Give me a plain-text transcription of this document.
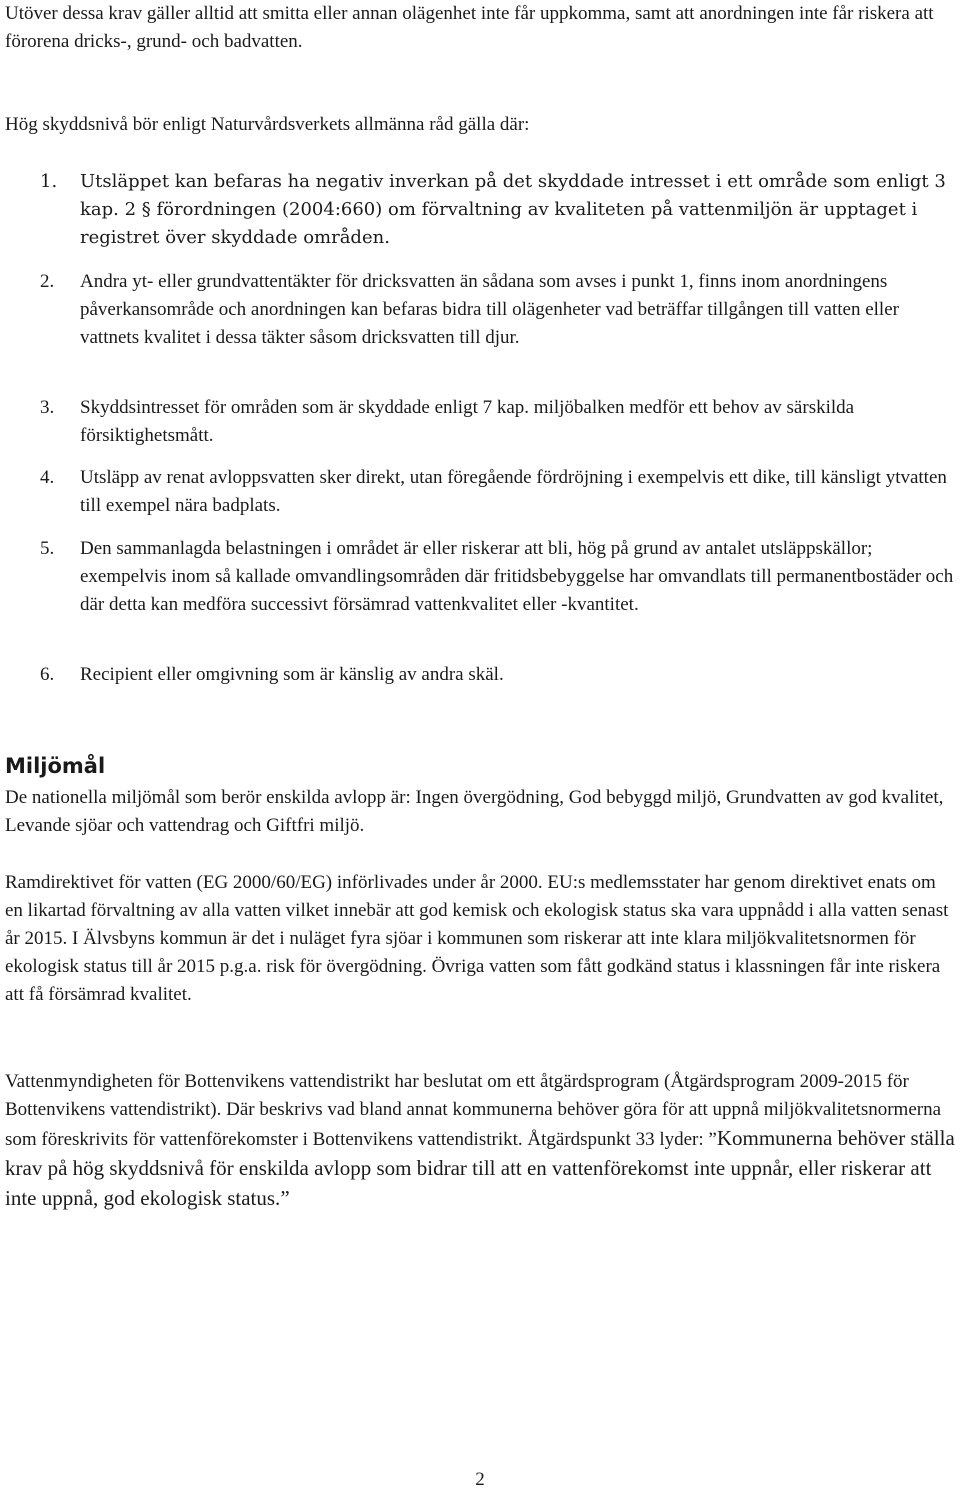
Utöver dessa krav gäller alltid att smitta eller annan olägenhet inte får uppkomma, samt att anordningen inte får riskera att förorena dricks-, grund- och badvatten.

Hög skyddsnivå bör enligt Naturvårdsverkets allmänna råd gälla där:

1. Utsläppet kan befaras ha negativ inverkan på det skyddade intresset i ett område som enligt 3 kap. 2 § förordningen (2004:660) om förvaltning av kvaliteten på vattenmiljön är upptaget i registret över skyddade områden.
2. Andra yt- eller grundvattentäkter för dricksvatten än sådana som avses i punkt 1, finns inom anordningens påverkansområde och anordningen kan befaras bidra till olägenheter vad beträffar tillgången till vatten eller vattnets kvalitet i dessa täkter såsom dricksvatten till djur.
3. Skyddsintresset för områden som är skyddade enligt 7 kap. miljöbalken medför ett behov av särskilda försiktighetsmått.
4. Utsläpp av renat avloppsvatten sker direkt, utan föregående fördröjning i exempelvis ett dike, till känsligt ytvatten till exempel nära badplats.
5. Den sammanlagda belastningen i området är eller riskerar att bli, hög på grund av antalet utsläppskällor; exempelvis inom så kallade omvandlingsområden där fritidsbebyggelse har omvandlats till permanentbostäder och där detta kan medföra successivt försämrad vattenkvalitet eller -kvantitet.
6. Recipient eller omgivning som är känslig av andra skäl.
Miljömål

De nationella miljömål som berör enskilda avlopp är: Ingen övergödning, God bebyggd miljö, Grundvatten av god kvalitet, Levande sjöar och vattendrag och Giftfri miljö.

Ramdirektivet för vatten (EG 2000/60/EG) införlivades under år 2000. EU:s medlemsstater har genom direktivet enats om en likartad förvaltning av alla vatten vilket innebär att god kemisk och ekologisk status ska vara uppnådd i alla vatten senast år 2015. I Älvsbyns kommun är det i nuläget fyra sjöar i kommunen som riskerar att inte klara miljökvalitetsnormen för ekologisk status till år 2015 p.g.a. risk för övergödning. Övriga vatten som fått godkänd status i klassningen får inte riskera att få försämrad kvalitet.

Vattenmyndigheten för Bottenvikens vattendistrikt har beslutat om ett åtgärdsprogram (Åtgärdsprogram 2009-2015 för Bottenvikens vattendistrikt). Där beskrivs vad bland annat kommunerna behöver göra för att uppnå miljökvalitetsnormerna som föreskrivits för vattenförekomster i Bottenvikens vattendistrikt. Åtgärdspunkt 33 lyder: ”Kommunerna behöver ställa krav på hög skyddsnivå för enskilda avlopp som bidrar till att en vattenförekomst inte uppnår, eller riskerar att inte uppnå, god ekologisk status.”

2
